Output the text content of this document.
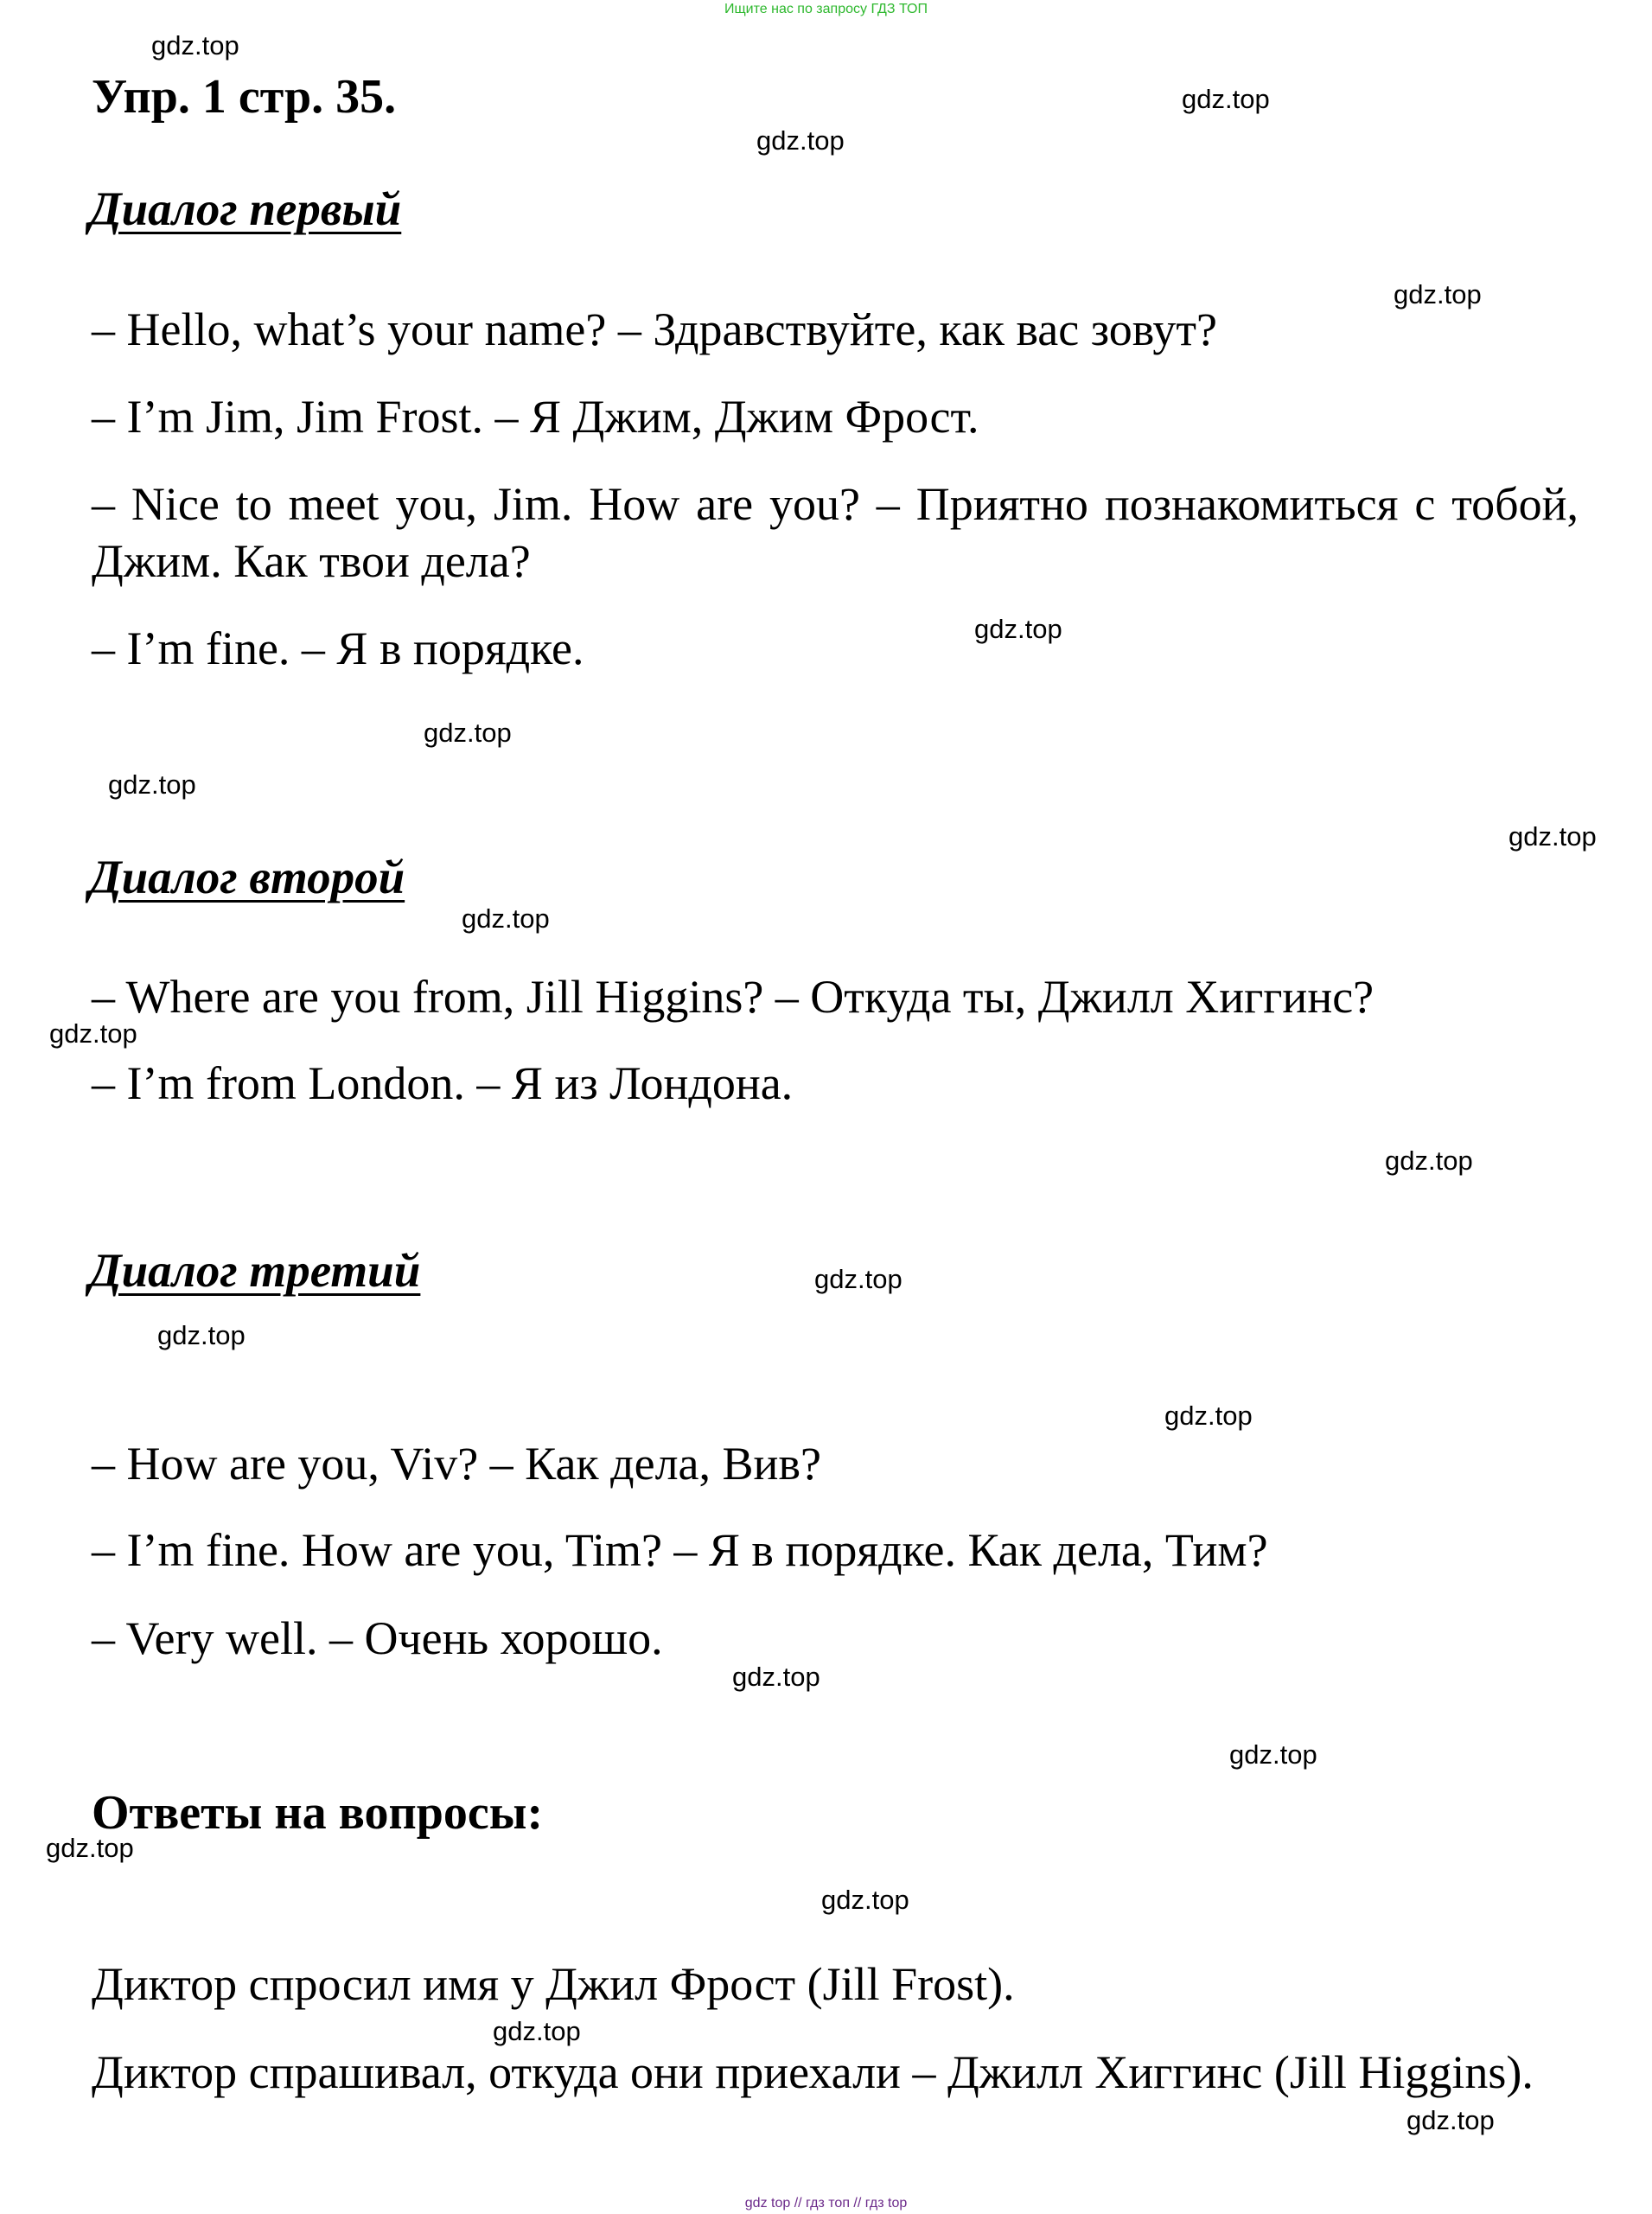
Ищите нас по запросу ГДЗ ТОП
Упр. 1 стр. 35.
Диалог первый

– Hello, what’s your name? – Здравствуйте, как вас зовут?

– I’m Jim, Jim Frost. – Я Джим, Джим Фрост.

– Nice to meet you, Jim. How are you? – Приятно познакомиться с тобой, Джим. Как твои дела?

– I’m fine. – Я в порядке.

Диалог второй

– Where are you from, Jill Higgins? – Откуда ты, Джилл Хиггинс?

– I’m from London. – Я из Лондона.

Диалог третий

– How are you, Viv? – Как дела, Вив?

– I’m fine. How are you, Tim? – Я в порядке. Как дела, Тим?

– Very well. – Очень хорошо.

Ответы на вопросы:

Диктор спросил имя у Джил Фрост (Jill Frost).

Диктор спрашивал, откуда они приехали – Джилл Хиггинс (Jill Higgins).

gdz.top
gdz.top
gdz.top
gdz.top
gdz.top
gdz.top
gdz.top
gdz.top
gdz.top
gdz.top
gdz.top
gdz.top
gdz.top
gdz.top
gdz.top
gdz.top
gdz.top
gdz.top
gdz.top
gdz.top
gdz top // гдз топ // гдз top
